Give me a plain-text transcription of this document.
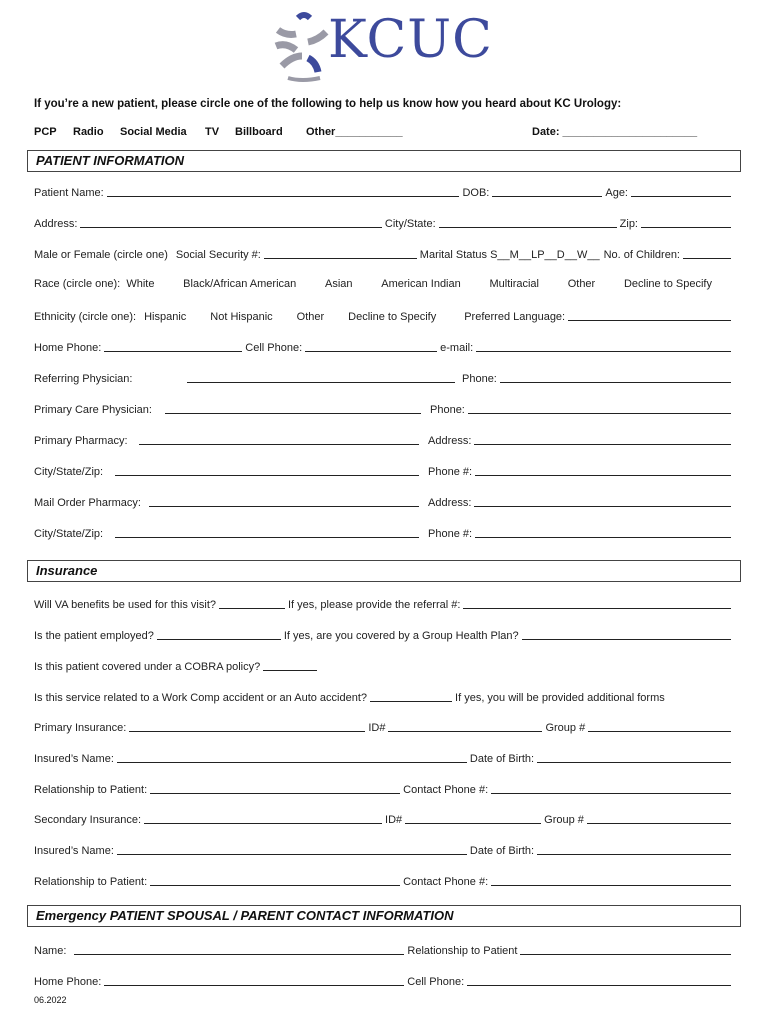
KCUC
If you’re a new patient, please circle one of the following to help us know how you heard about KC Urology:
PCP Radio Social Media TV Billboard Other___________	Date: ______________________
PATIENT INFORMATION
Patient Name:	DOB:	Age:
Address:	City/State:	Zip:
Male or Female (circle one) Social Security #:	Marital Status S__M__LP__D__W__ No. of Children:
Race (circle one): White	Black/African American	Asian	American Indian	Multiracial	Other	Decline to Specify
Ethnicity (circle one): Hispanic Not Hispanic Other Decline to Specify	Preferred Language:
Home Phone:	Cell Phone:	e-mail:
Referring Physician:	Phone:
Primary Care Physician:	Phone:
Primary Pharmacy:	Address:
City/State/Zip:	Phone #:
Mail Order Pharmacy:	Address:
City/State/Zip:	Phone #:
Insurance
Will VA benefits be used for this visit?	If yes, please provide the referral #:
Is the patient employed?	If yes, are you covered by a Group Health Plan?
Is this patient covered under a COBRA policy?
Is this service related to a Work Comp accident or an Auto accident?	If yes, you will be provided additional forms
Primary Insurance:	ID#	Group #
Insured’s Name:	Date of Birth:
Relationship to Patient:	Contact Phone #:
Secondary Insurance:	ID#	Group #
Insured’s Name:	Date of Birth:
Relationship to Patient:	Contact Phone #:
Emergency PATIENT SPOUSAL / PARENT CONTACT INFORMATION
Name:	Relationship to Patient
Home Phone:	Cell Phone:
06.2022
